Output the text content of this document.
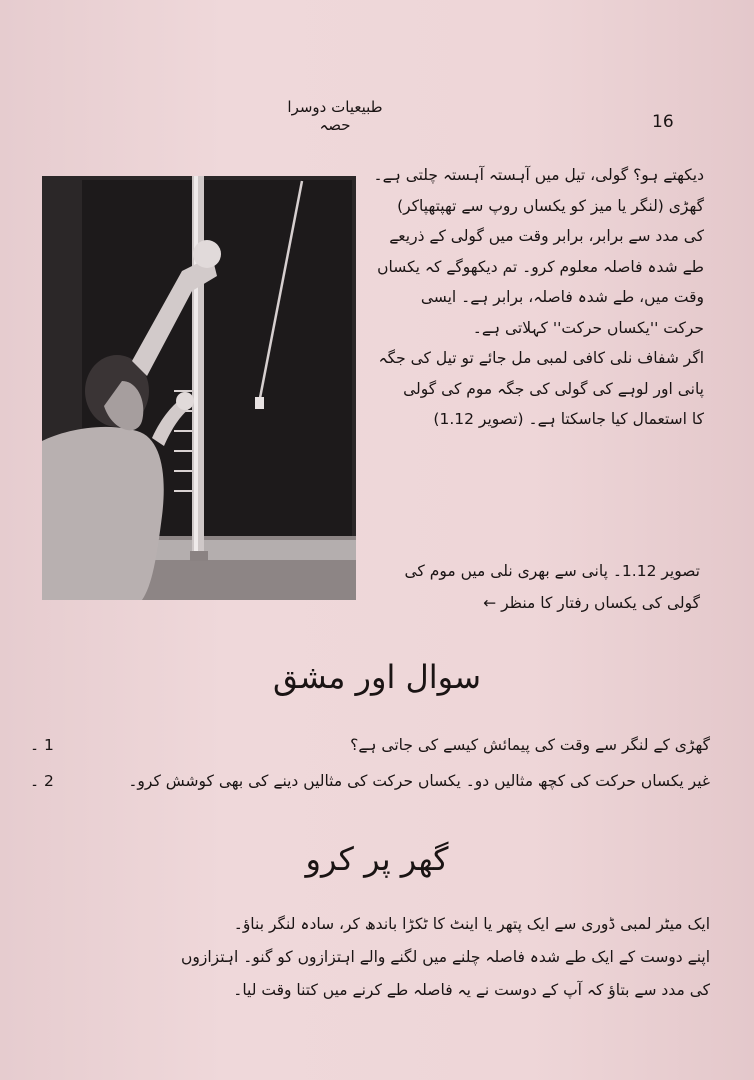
طبیعیات دوسرا حصہ	16
دیکھتے ہو؟ گولی، تیل میں آہستہ آہستہ چلتی ہے۔
گھڑی (لنگر یا میز کو یکساں روپ سے تھپتھپاکر)
کی مدد سے برابر، برابر وقت میں گولی کے ذریعے
طے شدہ فاصلہ معلوم کرو۔ تم دیکھوگے کہ یکساں
وقت میں، طے شدہ فاصلہ، برابر ہے۔ ایسی
حرکت ''یکساں حرکت'' کہلاتی ہے۔
اگر شفاف نلی کافی لمبی مل جائے تو تیل کی جگہ
پانی اور لوہے کی گولی کی جگہ موم کی گولی
کا استعمال کیا جاسکتا ہے۔ (تصویر 1.12)
تصویر 1.12۔ پانی سے بھری نلی میں موم کی
گولی کی یکساں رفتار کا منظر ←
سوال اور مشق
گھڑی کے لنگر سے وقت کی پیمائش کیسے کی جاتی ہے؟
1 ۔
غیر یکساں حرکت کی کچھ مثالیں دو۔ یکساں حرکت کی مثالیں دینے کی بھی کوشش کرو۔
2 ۔
گھر پر کرو
ایک میٹر لمبی ڈوری سے ایک پتھر یا اینٹ کا ٹکڑا باندھ کر، سادہ لنگر بناؤ۔
اپنے دوست کے ایک طے شدہ فاصلہ چلنے میں لگنے والے اہتزازوں کو گنو۔ اہتزازوں
کی مدد سے بتاؤ کہ آپ کے دوست نے یہ فاصلہ طے کرنے میں کتنا وقت لیا۔
